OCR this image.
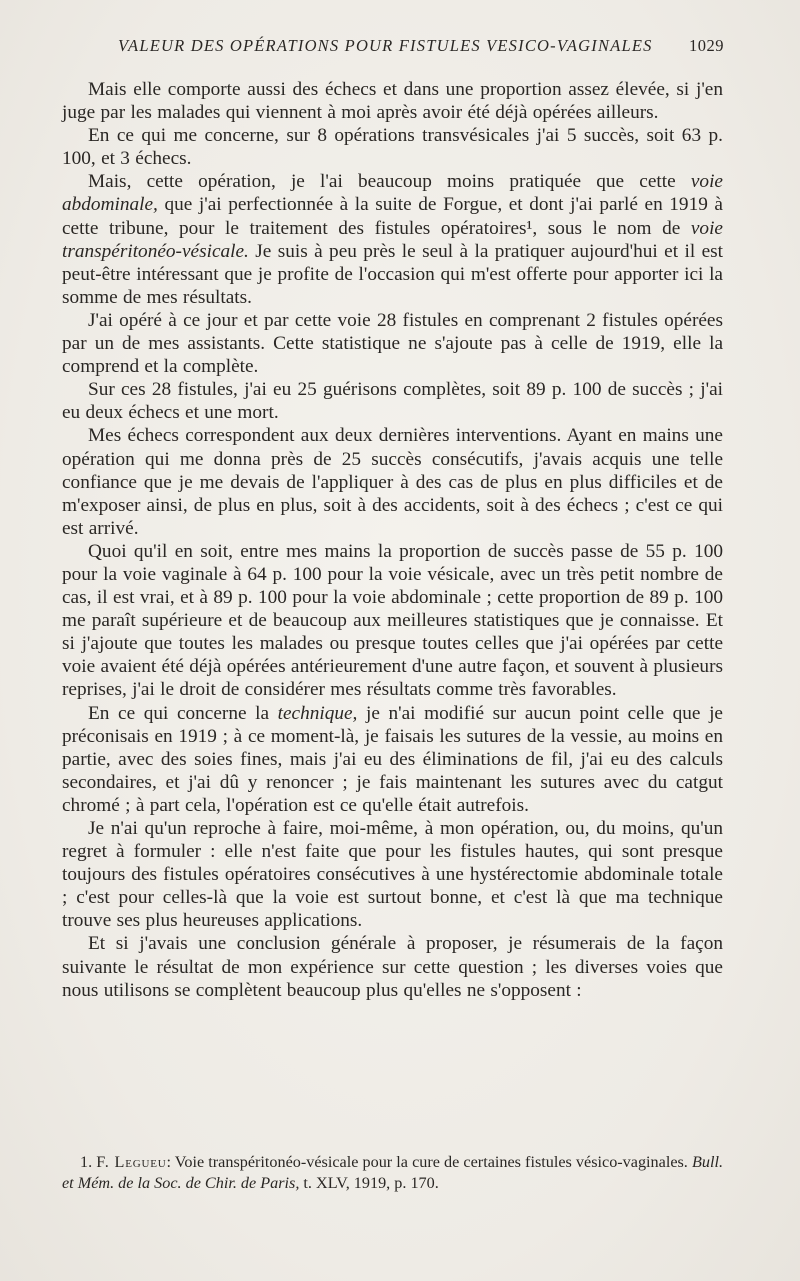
VALEUR DES OPÉRATIONS POUR FISTULES VESICO-VAGINALES 1029

Mais elle comporte aussi des échecs et dans une proportion assez élevée, si j'en juge par les malades qui viennent à moi après avoir été déjà opérées ailleurs.

En ce qui me concerne, sur 8 opérations transvésicales j'ai 5 succès, soit 63 p. 100, et 3 échecs.

Mais, cette opération, je l'ai beaucoup moins pratiquée que cette voie abdominale, que j'ai perfectionnée à la suite de Forgue, et dont j'ai parlé en 1919 à cette tribune, pour le traitement des fistules opératoires¹, sous le nom de voie transpéritonéo-vésicale. Je suis à peu près le seul à la pratiquer aujourd'hui et il est peut-être intéressant que je profite de l'occasion qui m'est offerte pour apporter ici la somme de mes résultats.

J'ai opéré à ce jour et par cette voie 28 fistules en comprenant 2 fistules opérées par un de mes assistants. Cette statistique ne s'ajoute pas à celle de 1919, elle la comprend et la complète.

Sur ces 28 fistules, j'ai eu 25 guérisons complètes, soit 89 p. 100 de succès ; j'ai eu deux échecs et une mort.

Mes échecs correspondent aux deux dernières interventions. Ayant en mains une opération qui me donna près de 25 succès consécutifs, j'avais acquis une telle confiance que je me devais de l'appliquer à des cas de plus en plus difficiles et de m'exposer ainsi, de plus en plus, soit à des accidents, soit à des échecs ; c'est ce qui est arrivé.

Quoi qu'il en soit, entre mes mains la proportion de succès passe de 55 p. 100 pour la voie vaginale à 64 p. 100 pour la voie vésicale, avec un très petit nombre de cas, il est vrai, et à 89 p. 100 pour la voie abdominale ; cette proportion de 89 p. 100 me paraît supérieure et de beaucoup aux meilleures statistiques que je connaisse. Et si j'ajoute que toutes les malades ou presque toutes celles que j'ai opérées par cette voie avaient été déjà opérées antérieurement d'une autre façon, et souvent à plusieurs reprises, j'ai le droit de considérer mes résultats comme très favorables.

En ce qui concerne la technique, je n'ai modifié sur aucun point celle que je préconisais en 1919 ; à ce moment-là, je faisais les sutures de la vessie, au moins en partie, avec des soies fines, mais j'ai eu des éliminations de fil, j'ai eu des calculs secondaires, et j'ai dû y renoncer ; je fais maintenant les sutures avec du catgut chromé ; à part cela, l'opération est ce qu'elle était autrefois.

Je n'ai qu'un reproche à faire, moi-même, à mon opération, ou, du moins, qu'un regret à formuler : elle n'est faite que pour les fistules hautes, qui sont presque toujours des fistules opératoires consécutives à une hystérectomie abdominale totale ; c'est pour celles-là que la voie est surtout bonne, et c'est là que ma technique trouve ses plus heureuses applications.

Et si j'avais une conclusion générale à proposer, je résumerais de la façon suivante le résultat de mon expérience sur cette question ; les diverses voies que nous utilisons se complètent beaucoup plus qu'elles ne s'opposent :

1. F. Legueu: Voie transpéritonéo-vésicale pour la cure de certaines fistules vésico-vaginales. Bull. et Mém. de la Soc. de Chir. de Paris, t. XLV, 1919, p. 170.
